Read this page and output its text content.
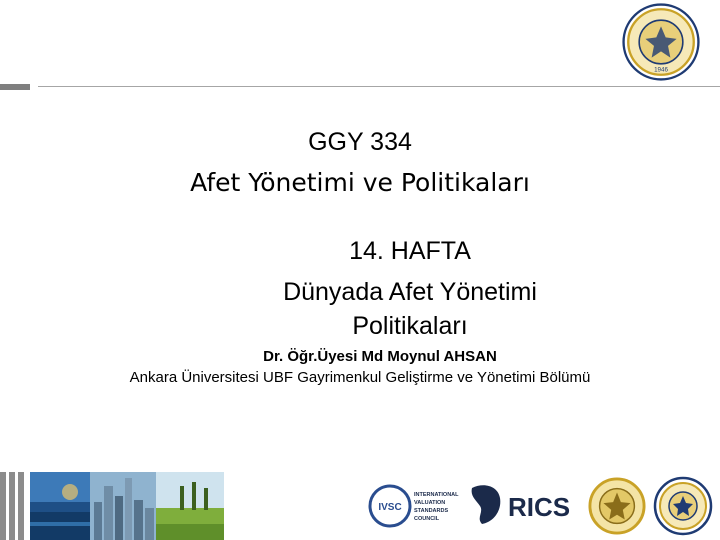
1946
GGY 334
Afet Yönetimi ve Politikaları
14. HAFTA
Dünyada Afet Yönetimi
Politikaları
Dr. Öğr.Üyesi Md Moynul AHSAN
Ankara Üniversitesi UBF Gayrimenkul Geliştirme ve Yönetimi Bölümü
IVSC
INTERNATIONAL
VALUATION
STANDARDS
COUNCIL	RICS
